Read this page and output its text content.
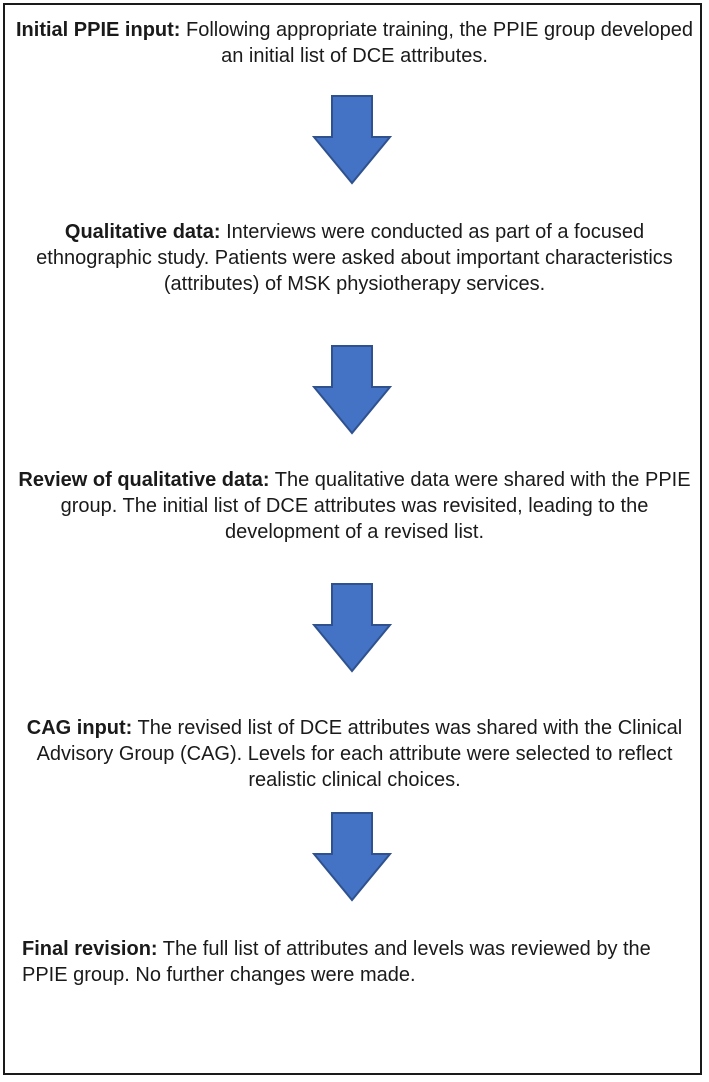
Initial PPIE input: Following appropriate training, the PPIE group developed an initial list of DCE attributes.

Qualitative data: Interviews were conducted as part of a focused ethnographic study. Patients were asked about important characteristics (attributes) of MSK physiotherapy services.

Review of qualitative data: The qualitative data were shared with the PPIE group. The initial list of DCE attributes was revisited, leading to the development of a revised list.

CAG input: The revised list of DCE attributes was shared with the Clinical Advisory Group (CAG). Levels for each attribute were selected to reflect realistic clinical choices.

Final revision: The full list of attributes and levels was reviewed by the PPIE group. No further changes were made.
